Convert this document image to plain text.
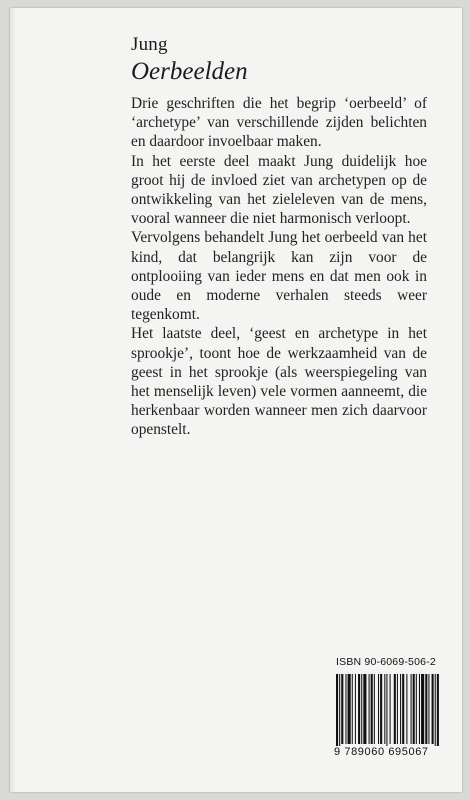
Jung
Oerbeelden

Drie geschriften die het begrip ‘oerbeeld’ of ‘archetype’ van verschillende zijden belichten en daardoor invoelbaar maken.

In het eerste deel maakt Jung duidelijk hoe groot hij de invloed ziet van archetypen op de ontwikkeling van het zieleleven van de mens, vooral wanneer die niet harmonisch verloopt.

Vervolgens behandelt Jung het oerbeeld van het kind, dat belangrijk kan zijn voor de ontplooiing van ieder mens en dat men ook in oude en moderne verhalen steeds weer tegenkomt.

Het laatste deel, ‘geest en archetype in het sprookje’, toont hoe de werkzaamheid van de geest in het sprookje (als weerspiegeling van het menselijk leven) vele vormen aanneemt, die herkenbaar worden wanneer men zich daarvoor openstelt.

ISBN 90-6069-506-2
9 789060 695067
